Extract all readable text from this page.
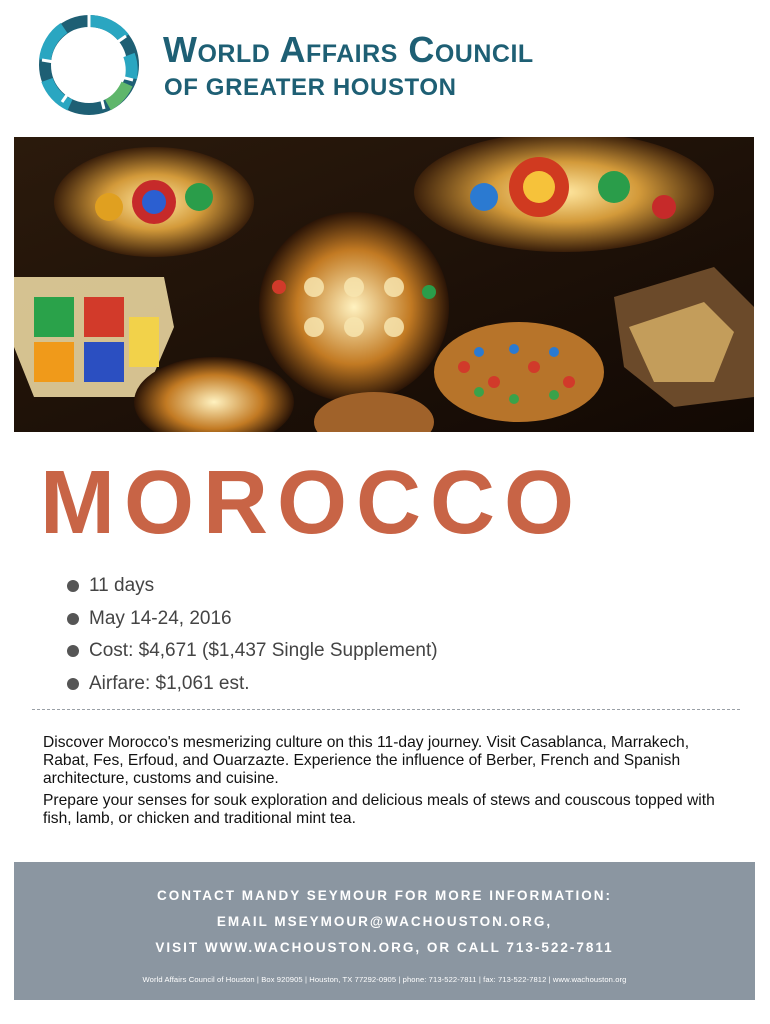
World Affairs Council
OF GREATER HOUSTON
MOROCCO
11 days
May 14-24, 2016
Cost: $4,671 ($1,437 Single Supplement)
Airfare: $1,061 est.

Discover Morocco's mesmerizing culture on this 11-day journey. Visit Casablanca, Marrakech, Rabat, Fes, Erfoud, and Ouarzazte. Experience the influence of Berber, French and Spanish architecture, customs and cuisine.

Prepare your senses for souk exploration and delicious meals of stews and couscous topped with fish, lamb, or chicken and traditional mint tea.

CONTACT MANDY SEYMOUR FOR MORE INFORMATION:
EMAIL MSEYMOUR@WACHOUSTON.ORG,
VISIT WWW.WACHOUSTON.ORG, OR CALL 713-522-7811
World Affairs Council of Houston | Box 920905 | Houston, TX 77292-0905 | phone: 713-522-7811 | fax: 713-522-7812 | www.wachouston.org
